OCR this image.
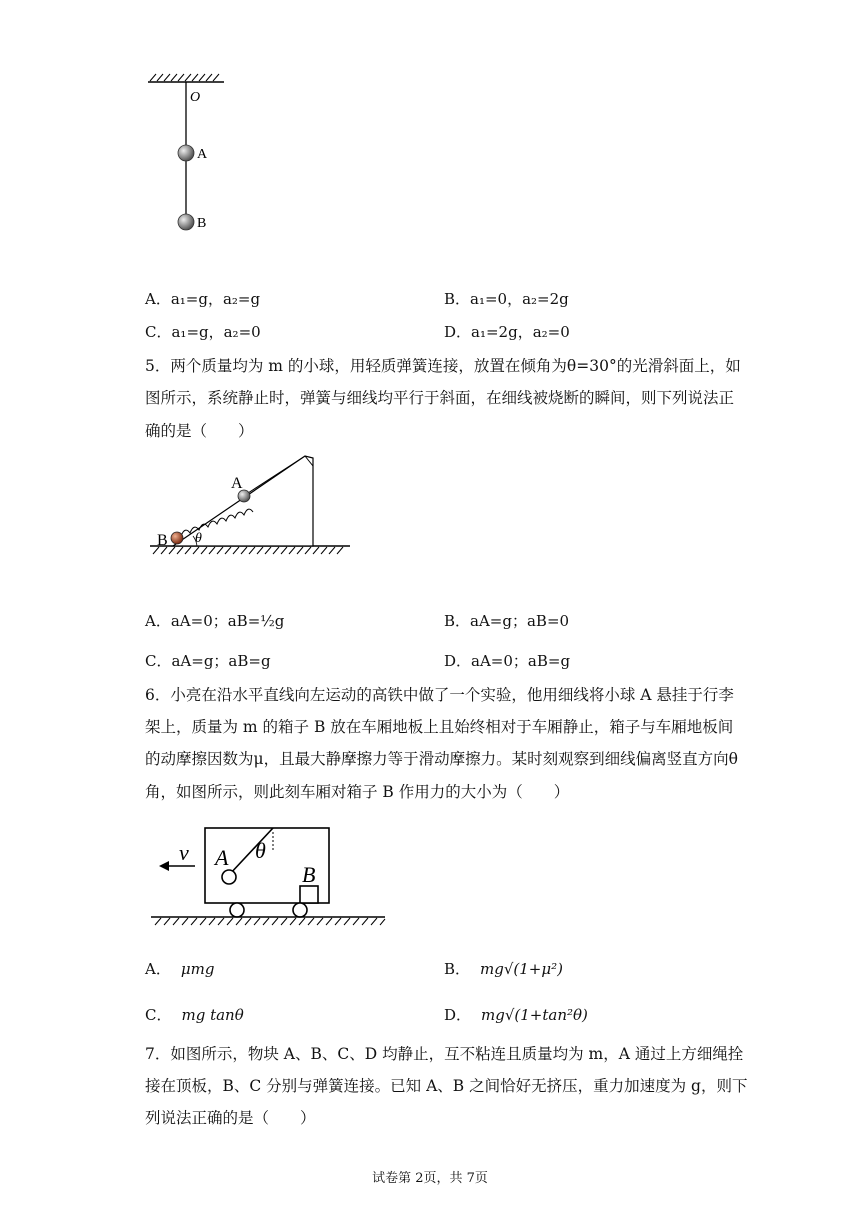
O
A
B
A．a₁=g，a₂=g	B．a₁=0，a₂=2g
C．a₁=g，a₂=0	D．a₁=2g，a₂=0
5．两个质量均为 m 的小球，用轻质弹簧连接，放置在倾角为θ=30°的光滑斜面上，如
图所示，系统静止时，弹簧与细线均平行于斜面，在细线被烧断的瞬间，则下列说法正
确的是（　　）
A
B θ
A．aA=0；aB=½g	B．aA=g；aB=0
C．aA=g；aB=g	D．aA=0；aB=g
6．小亮在沿水平直线向左运动的高铁中做了一个实验，他用细线将小球 A 悬挂于行李
架上，质量为 m 的箱子 B 放在车厢地板上且始终相对于车厢静止，箱子与车厢地板间
的动摩擦因数为μ，且最大静摩擦力等于滑动摩擦力。某时刻观察到细线偏离竖直方向θ
角，如图所示，则此刻车厢对箱子 B 作用力的大小为（　　）
v A
B
θ
A． μmg	B． mg√(1+μ²)
C． mg tanθ	D． mg√(1+tan²θ)
7．如图所示，物块 A、B、C、D 均静止，互不粘连且质量均为 m，A 通过上方细绳拴
接在顶板，B、C 分别与弹簧连接。已知 A、B 之间恰好无挤压，重力加速度为 g，则下
列说法正确的是（　　）
试卷第 2页，共 7页
